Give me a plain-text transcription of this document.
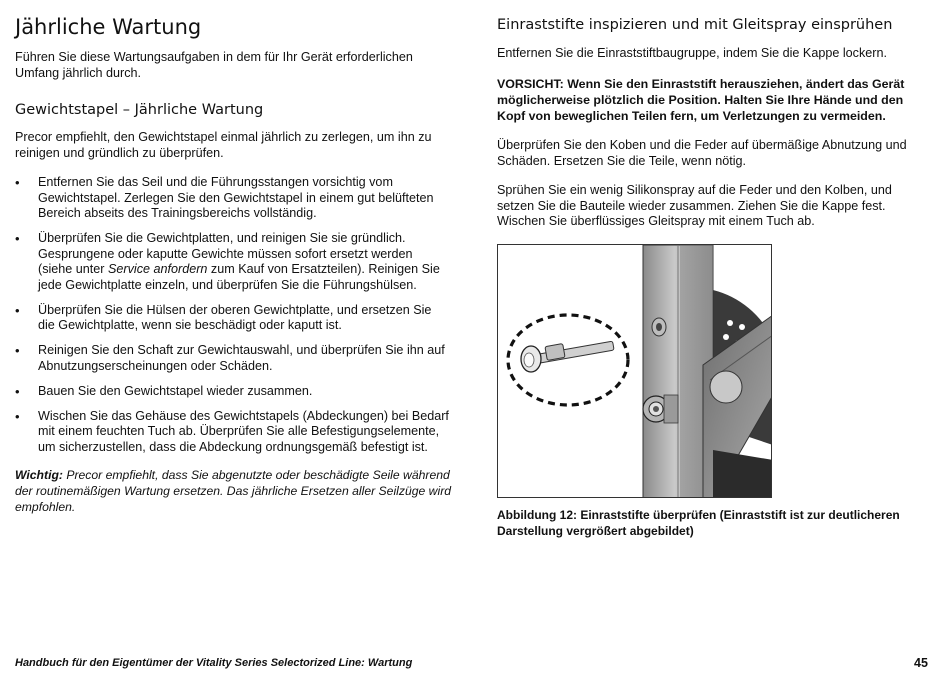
Jährliche Wartung

Führen Sie diese Wartungsaufgaben in dem für Ihr Gerät erforderlichen Umfang jährlich durch.

Gewichtstapel – Jährliche Wartung

Precor empfiehlt, den Gewichtstapel einmal jährlich zu zerlegen, um ihn zu reinigen und gründlich zu überprüfen.

• Entfernen Sie das Seil und die Führungsstangen vorsichtig vom Gewichtstapel. Zerlegen Sie den Gewichtstapel in einem gut belüfteten Bereich abseits des Trainingsbereichs vollständig.
• Überprüfen Sie die Gewichtplatten, und reinigen Sie sie gründlich. Gesprungene oder kaputte Gewichte müssen sofort ersetzt werden (siehe unter Service anfordern zum Kauf von Ersatzteilen). Reinigen Sie jede Gewichtplatte einzeln, und überprüfen Sie die Führungshülsen.
• Überprüfen Sie die Hülsen der oberen Gewichtplatte, und ersetzen Sie die Gewichtplatte, wenn sie beschädigt oder kaputt ist.
• Reinigen Sie den Schaft zur Gewichtauswahl, und überprüfen Sie ihn auf Abnutzungserscheinungen oder Schäden.
• Bauen Sie den Gewichtstapel wieder zusammen.
• Wischen Sie das Gehäuse des Gewichtstapels (Abdeckungen) bei Bedarf mit einem feuchten Tuch ab. Überprüfen Sie alle Befestigungselemente, um sicherzustellen, dass die Abdeckung ordnungsgemäß befestigt ist.

Wichtig: Precor empfiehlt, dass Sie abgenutzte oder beschädigte Seile während der routinemäßigen Wartung ersetzen. Das jährliche Ersetzen aller Seilzüge wird empfohlen.

Einraststifte inspizieren und mit Gleitspray einsprühen

Entfernen Sie die Einraststiftbaugruppe, indem Sie die Kappe lockern.

VORSICHT: Wenn Sie den Einraststift herausziehen, ändert das Gerät möglicherweise plötzlich die Position. Halten Sie Ihre Hände und den Kopf von beweglichen Teilen fern, um Verletzungen zu vermeiden.

Überprüfen Sie den Koben und die Feder auf übermäßige Abnutzung und Schäden. Ersetzen Sie die Teile, wenn nötig.

Sprühen Sie ein wenig Silikonspray auf die Feder und den Kolben, und setzen Sie die Bauteile wieder zusammen. Ziehen Sie die Kappe fest. Wischen Sie überflüssiges Gleitspray mit einem Tuch ab.

Abbildung 12: Einraststifte überprüfen (Einraststift ist zur deutlicheren Darstellung vergrößert abgebildet)

Handbuch für den Eigentümer der Vitality Series Selectorized Line: Wartung	45
